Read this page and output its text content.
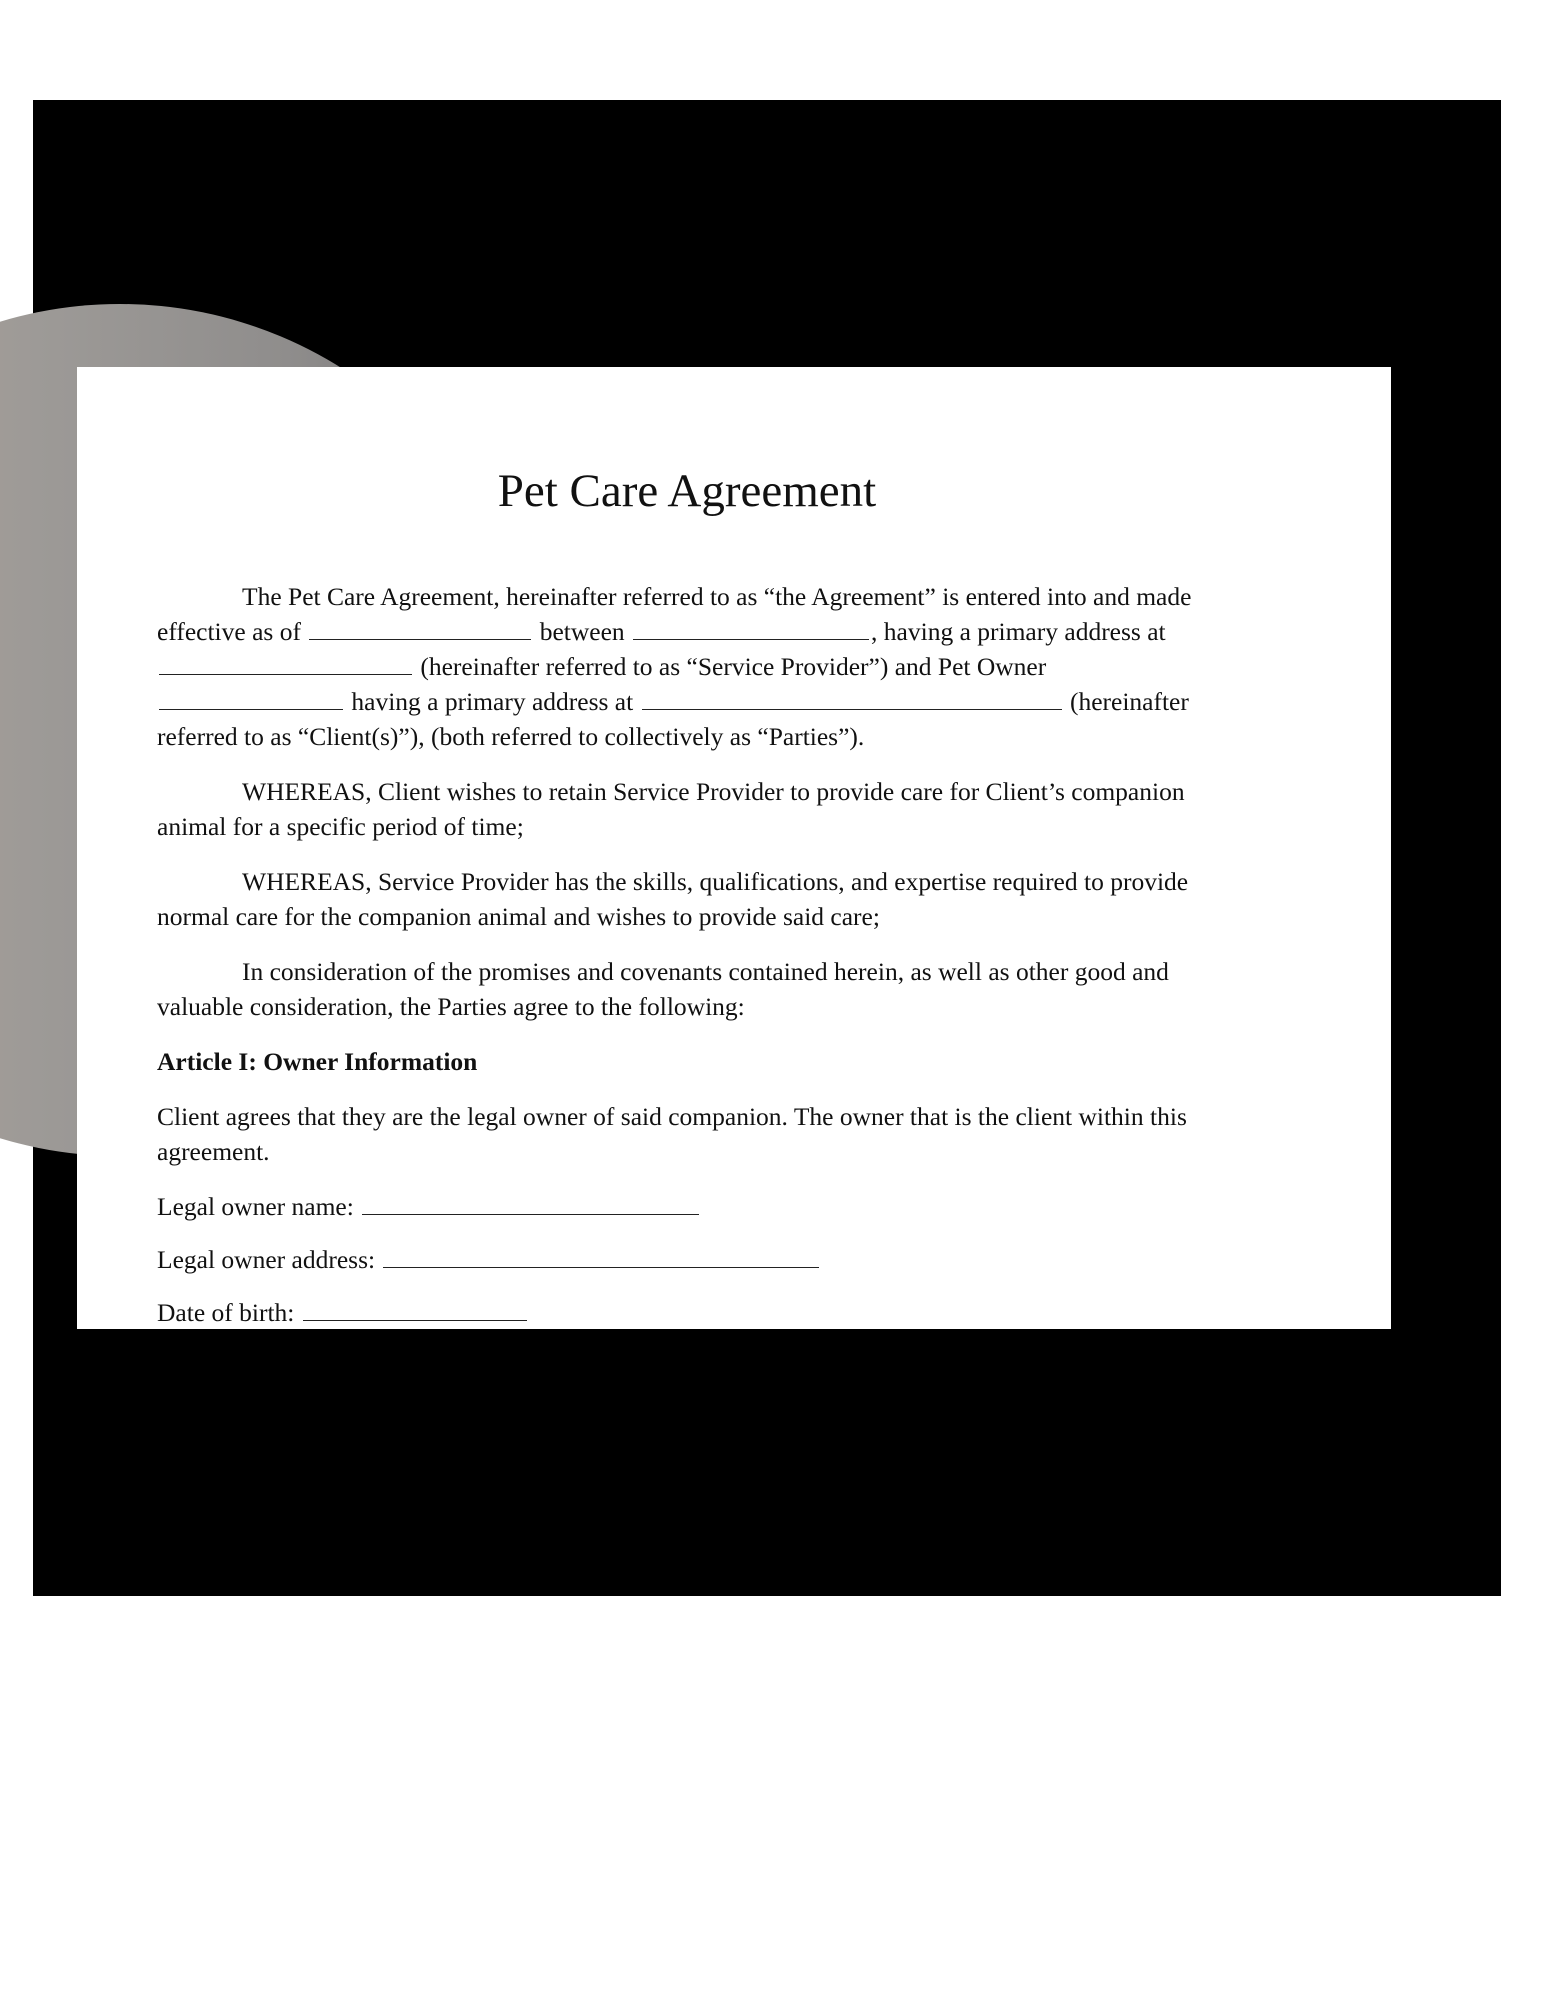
Pet Care Agreement

The Pet Care Agreement, hereinafter referred to as “the Agreement” is entered into and made effective as of	between	, having a primary address at  (hereinafter referred to as “Service Provider”) and Pet Owner  having a primary address at	(hereinafter referred to as “Client(s)”), (both referred to collectively as “Parties”).

WHEREAS, Client wishes to retain Service Provider to provide care for Client’s companion animal for a specific period of time;

WHEREAS, Service Provider has the skills, qualifications, and expertise required to provide normal care for the companion animal and wishes to provide said care;

In consideration of the promises and covenants contained herein, as well as other good and valuable consideration, the Parties agree to the following:

Article I: Owner Information

Client agrees that they are the legal owner of said companion. The owner that is the client within this agreement.

Legal owner name:
Legal owner address:
Date of birth:
